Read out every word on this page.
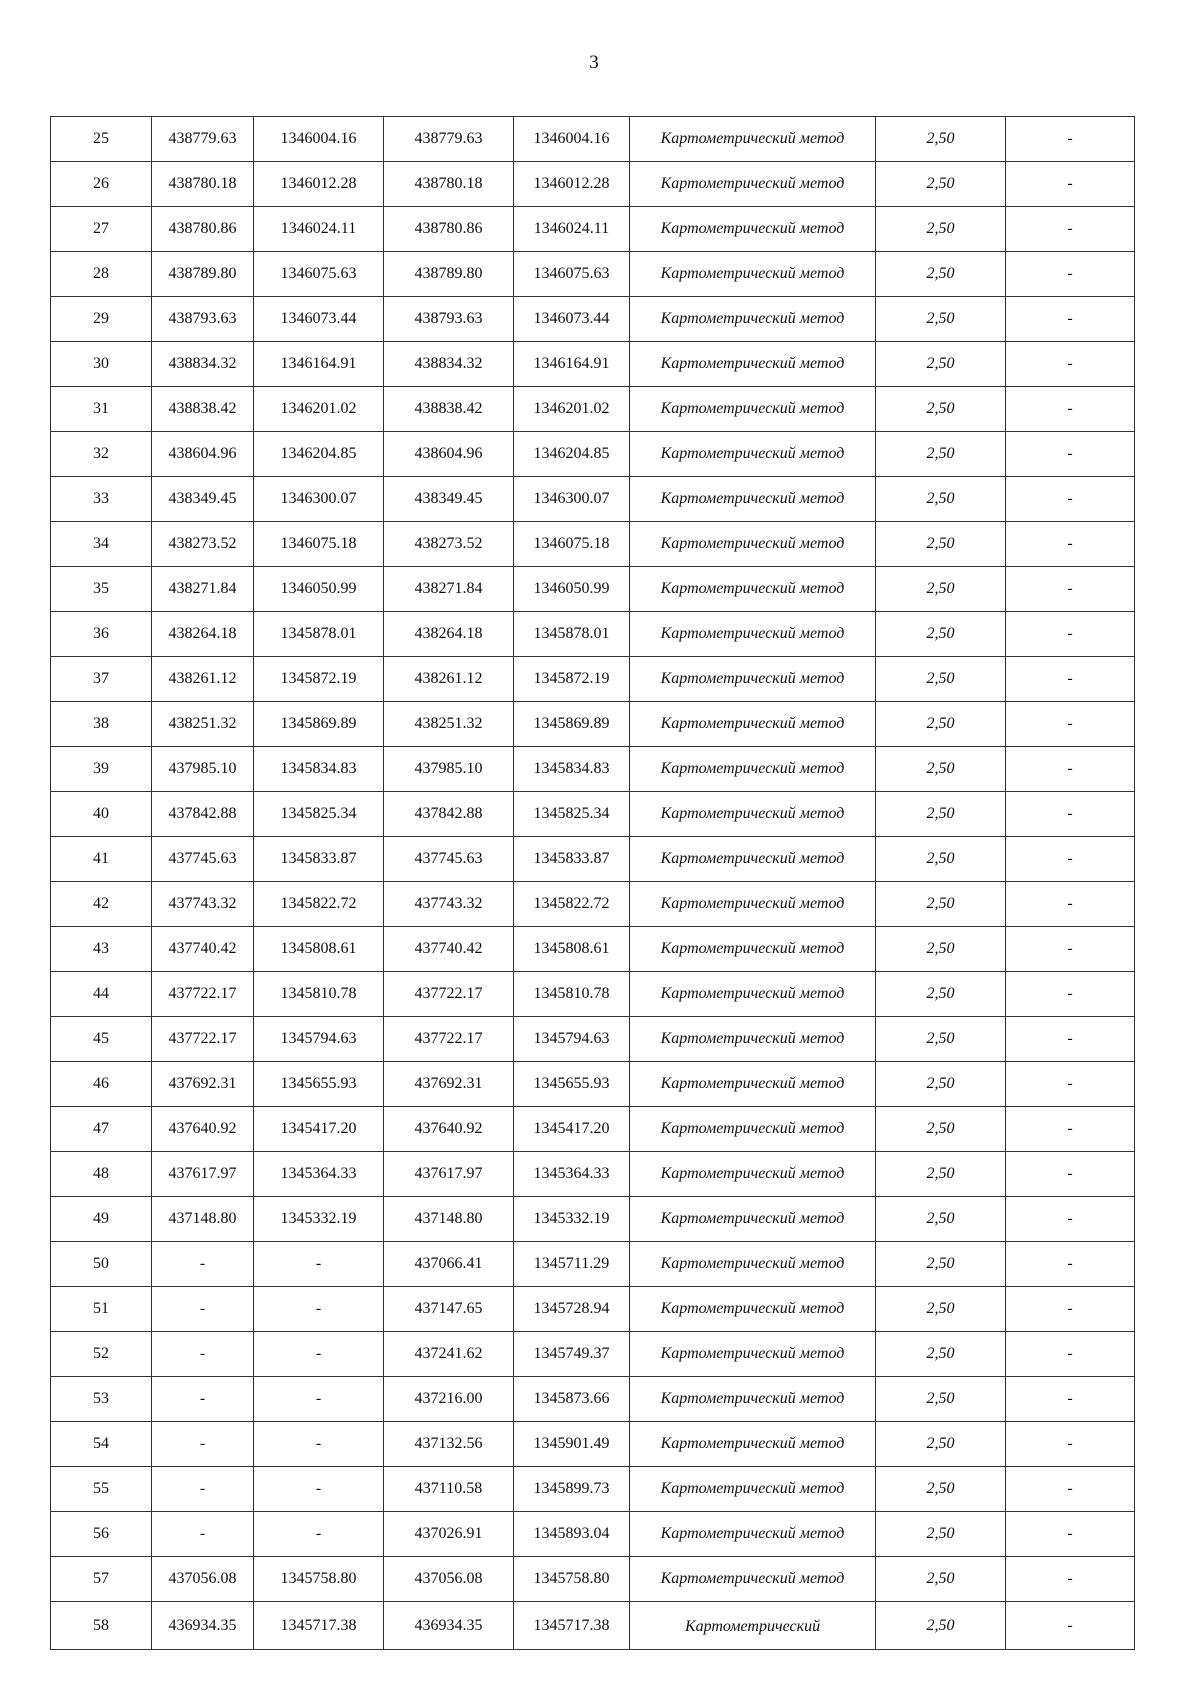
3
25	438779.63	1346004.16	438779.63	1346004.16	Картометрический метод	2,50	-
26	438780.18	1346012.28	438780.18	1346012.28	Картометрический метод	2,50	-
27	438780.86	1346024.11	438780.86	1346024.11	Картометрический метод	2,50	-
28	438789.80	1346075.63	438789.80	1346075.63	Картометрический метод	2,50	-
29	438793.63	1346073.44	438793.63	1346073.44	Картометрический метод	2,50	-
30	438834.32	1346164.91	438834.32	1346164.91	Картометрический метод	2,50	-
31	438838.42	1346201.02	438838.42	1346201.02	Картометрический метод	2,50	-
32	438604.96	1346204.85	438604.96	1346204.85	Картометрический метод	2,50	-
33	438349.45	1346300.07	438349.45	1346300.07	Картометрический метод	2,50	-
34	438273.52	1346075.18	438273.52	1346075.18	Картометрический метод	2,50	-
35	438271.84	1346050.99	438271.84	1346050.99	Картометрический метод	2,50	-
36	438264.18	1345878.01	438264.18	1345878.01	Картометрический метод	2,50	-
37	438261.12	1345872.19	438261.12	1345872.19	Картометрический метод	2,50	-
38	438251.32	1345869.89	438251.32	1345869.89	Картометрический метод	2,50	-
39	437985.10	1345834.83	437985.10	1345834.83	Картометрический метод	2,50	-
40	437842.88	1345825.34	437842.88	1345825.34	Картометрический метод	2,50	-
41	437745.63	1345833.87	437745.63	1345833.87	Картометрический метод	2,50	-
42	437743.32	1345822.72	437743.32	1345822.72	Картометрический метод	2,50	-
43	437740.42	1345808.61	437740.42	1345808.61	Картометрический метод	2,50	-
44	437722.17	1345810.78	437722.17	1345810.78	Картометрический метод	2,50	-
45	437722.17	1345794.63	437722.17	1345794.63	Картометрический метод	2,50	-
46	437692.31	1345655.93	437692.31	1345655.93	Картометрический метод	2,50	-
47	437640.92	1345417.20	437640.92	1345417.20	Картометрический метод	2,50	-
48	437617.97	1345364.33	437617.97	1345364.33	Картометрический метод	2,50	-
49	437148.80	1345332.19	437148.80	1345332.19	Картометрический метод	2,50	-
50	-	-	437066.41	1345711.29	Картометрический метод	2,50	-
51	-	-	437147.65	1345728.94	Картометрический метод	2,50	-
52	-	-	437241.62	1345749.37	Картометрический метод	2,50	-
53	-	-	437216.00	1345873.66	Картометрический метод	2,50	-
54	-	-	437132.56	1345901.49	Картометрический метод	2,50	-
55	-	-	437110.58	1345899.73	Картометрический метод	2,50	-
56	-	-	437026.91	1345893.04	Картометрический метод	2,50	-
57	437056.08	1345758.80	437056.08	1345758.80	Картометрический метод	2,50	-
58	436934.35	1345717.38	436934.35	1345717.38	Картометрический	2,50	-
